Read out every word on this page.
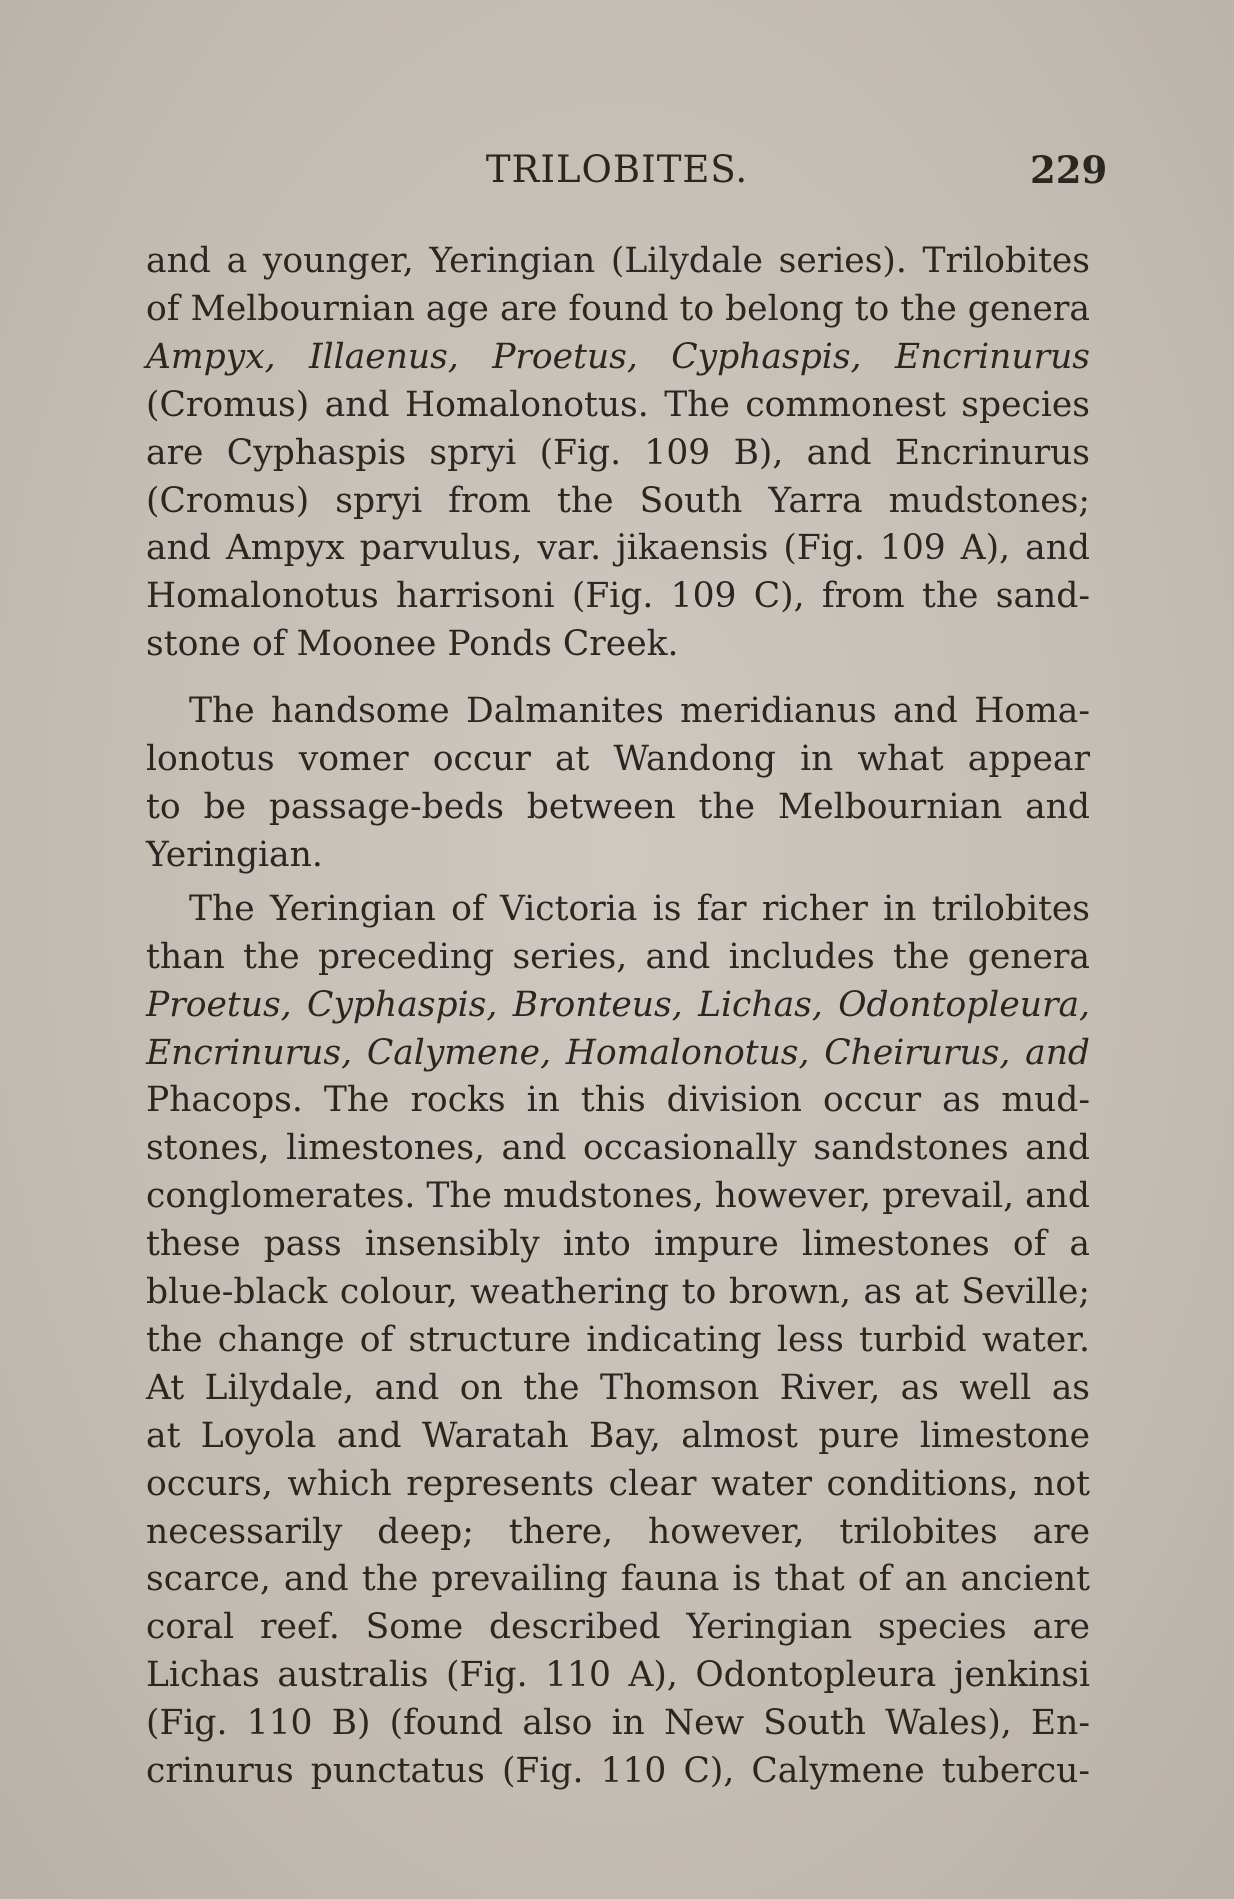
TRILOBITES.	229
and a younger, Yeringian (Lilydale series). Trilobites
of Melbournian age are found to belong to the genera
Ampyx, Illaenus, Proetus, Cyphaspis, Encrinurus
(Cromus) and Homalonotus. The commonest species
are Cyphaspis spryi (Fig. 109 B), and Encrinurus
(Cromus) spryi from the South Yarra mudstones;
and Ampyx parvulus, var. jikaensis (Fig. 109 A), and
Homalonotus harrisoni (Fig. 109 C), from the sand-
stone of Moonee Ponds Creek.
The handsome Dalmanites meridianus and Homa-
lonotus vomer occur at Wandong in what appear
to be passage-beds between the Melbournian and
Yeringian.
The Yeringian of Victoria is far richer in trilobites
than the preceding series, and includes the genera
Proetus, Cyphaspis, Bronteus, Lichas, Odontopleura,
Encrinurus, Calymene, Homalonotus, Cheirurus, and
Phacops. The rocks in this division occur as mud-
stones, limestones, and occasionally sandstones and
conglomerates. The mudstones, however, prevail, and
these pass insensibly into impure limestones of a
blue-black colour, weathering to brown, as at Seville;
the change of structure indicating less turbid water.
At Lilydale, and on the Thomson River, as well as
at Loyola and Waratah Bay, almost pure limestone
occurs, which represents clear water conditions, not
necessarily deep; there, however, trilobites are
scarce, and the prevailing fauna is that of an ancient
coral reef. Some described Yeringian species are
Lichas australis (Fig. 110 A), Odontopleura jenkinsi
(Fig. 110 B) (found also in New South Wales), En-
crinurus punctatus (Fig. 110 C), Calymene tubercu-
